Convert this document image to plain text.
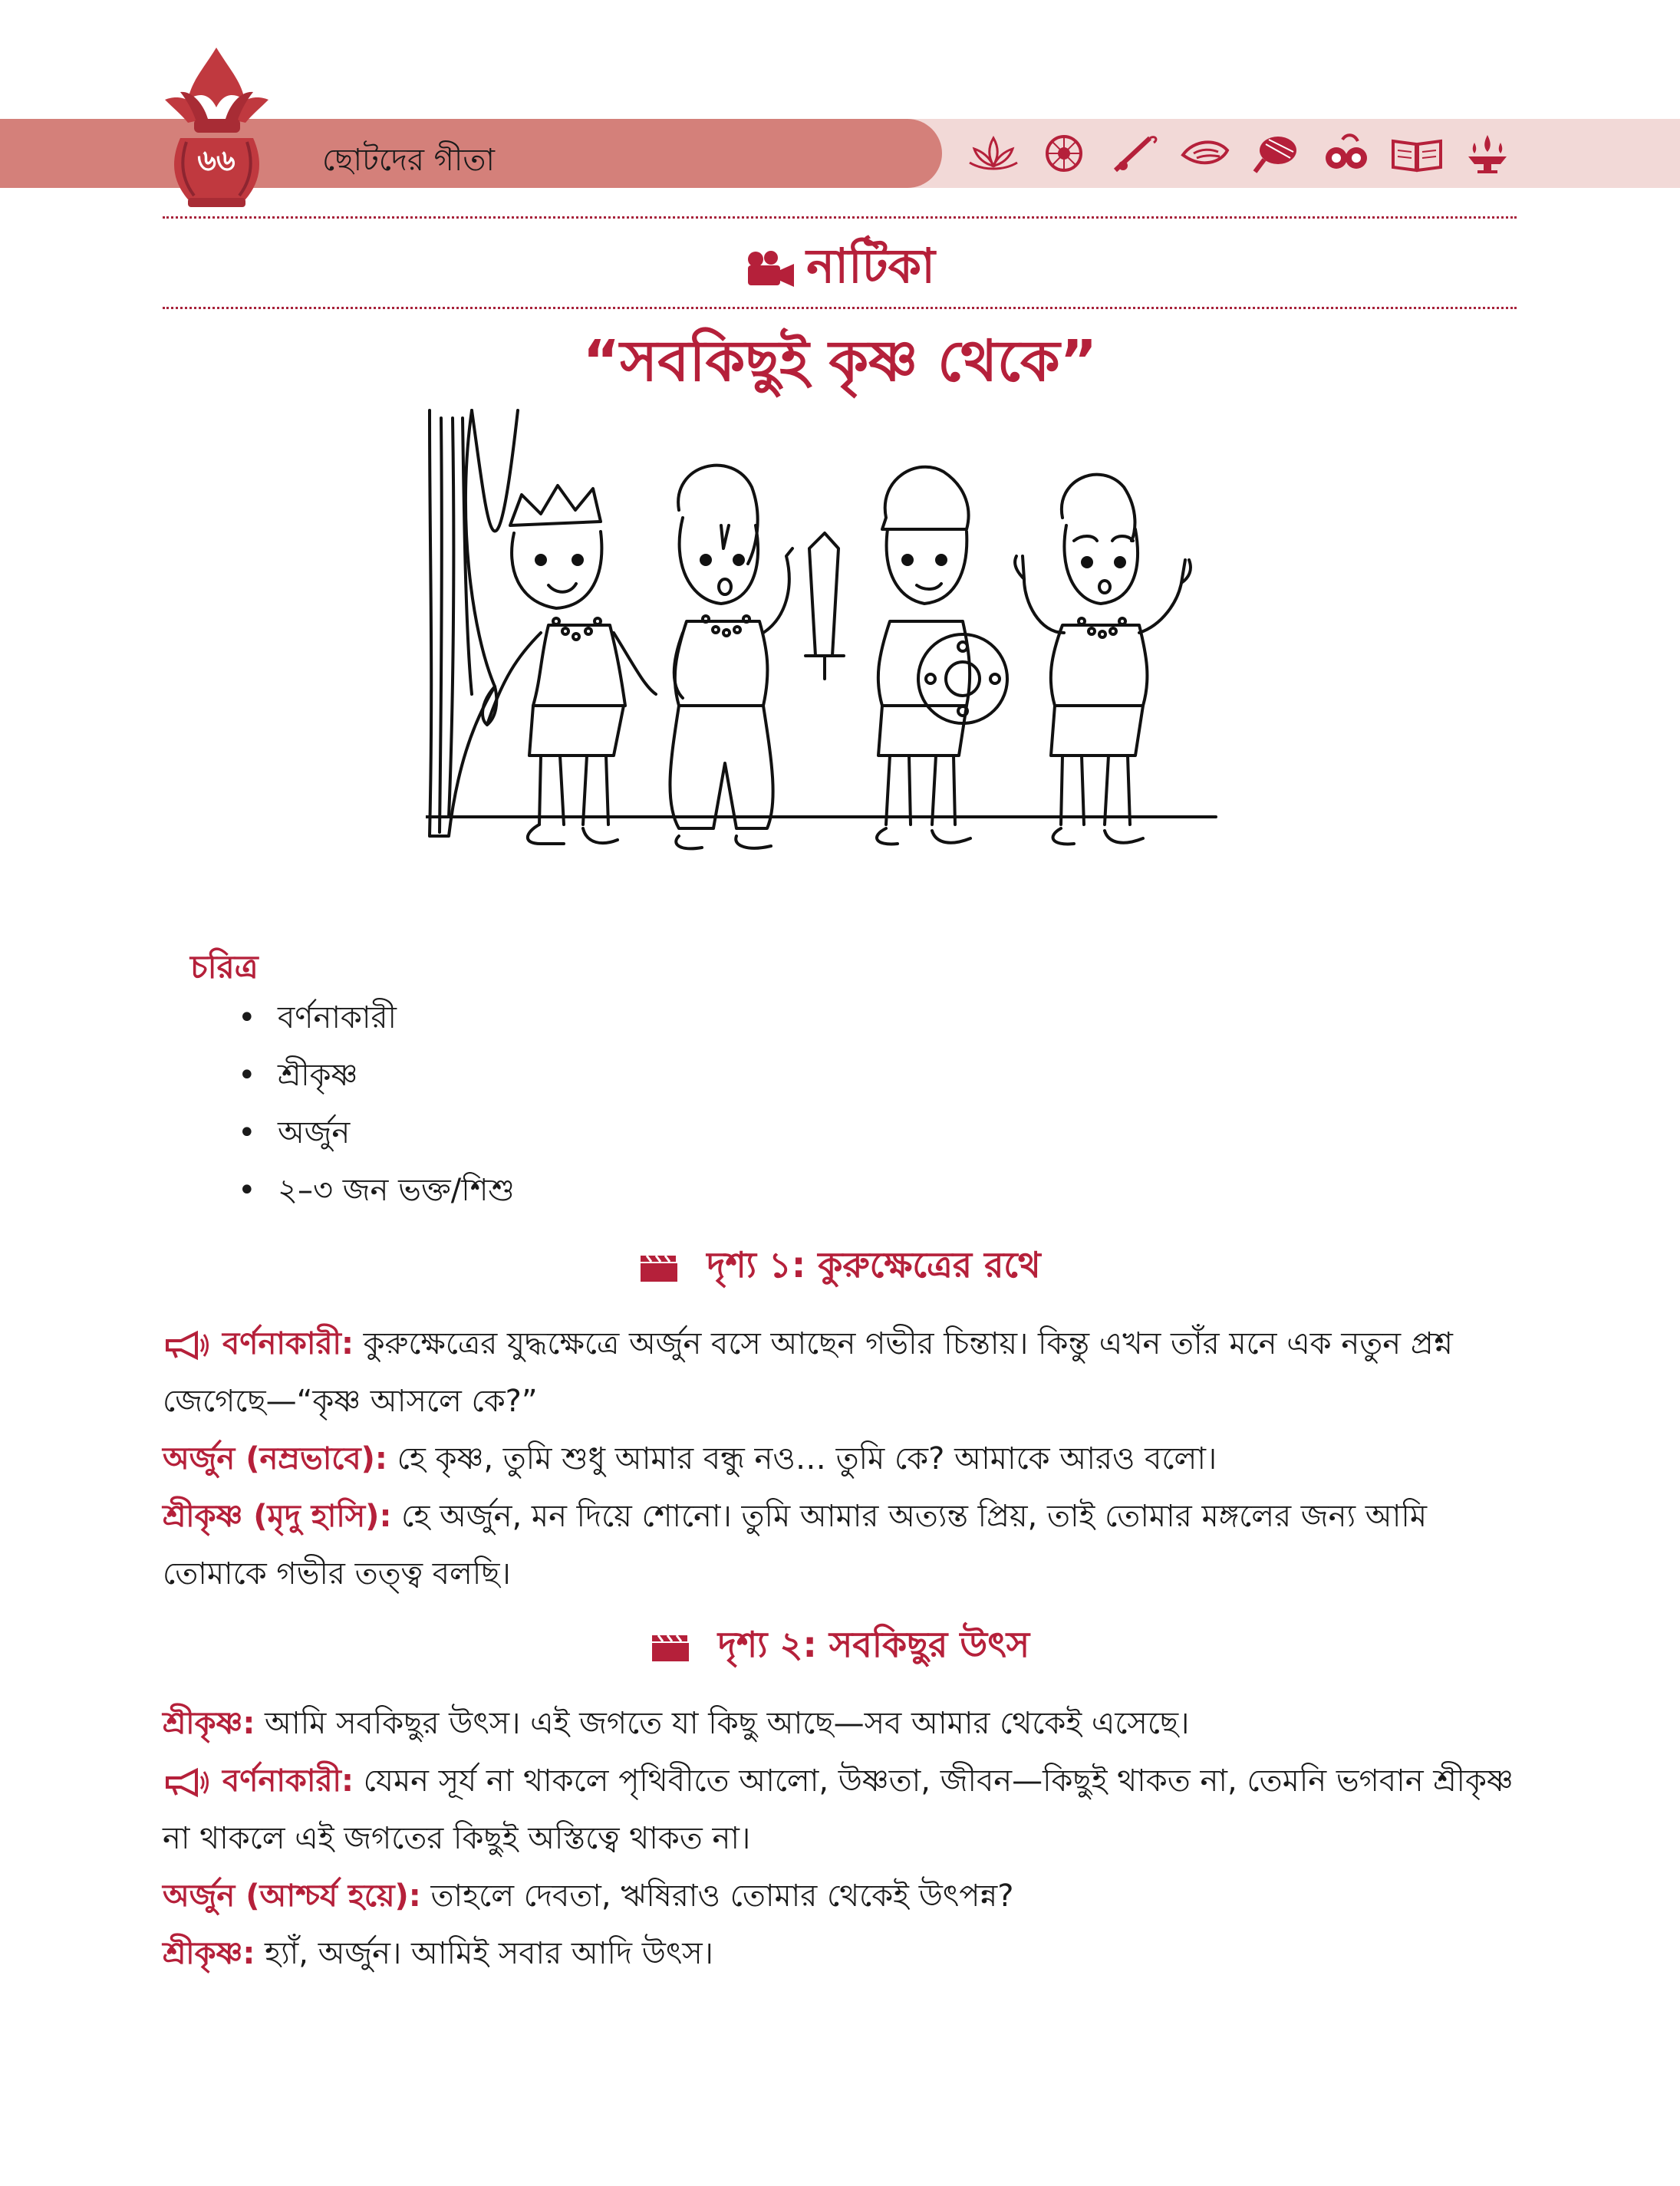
৬৬	ছোটদের গীতা
নাটিকা
“সবকিছুই কৃষ্ণ থেকে”
চরিত্র
• বর্ণনাকারী
• শ্রীকৃষ্ণ
• অর্জুন
• ২–৩ জন ভক্ত/শিশু
দৃশ্য ১: কুরুক্ষেত্রের রথে
বর্ণনাকারী: কুরুক্ষেত্রের যুদ্ধক্ষেত্রে অর্জুন বসে আছেন গভীর চিন্তায়। কিন্তু এখন তাঁর মনে এক নতুন প্রশ্ন জেগেছে—“কৃষ্ণ আসলে কে?”
অর্জুন (নম্রভাবে): হে কৃষ্ণ, তুমি শুধু আমার বন্ধু নও… তুমি কে? আমাকে আরও বলো।
শ্রীকৃষ্ণ (মৃদু হাসি): হে অর্জুন, মন দিয়ে শোনো। তুমি আমার অত্যন্ত প্রিয়, তাই তোমার মঙ্গলের জন্য আমি তোমাকে গভীর তত্ত্ব বলছি।
দৃশ্য ২: সবকিছুর উৎস
শ্রীকৃষ্ণ: আমি সবকিছুর উৎস। এই জগতে যা কিছু আছে—সব আমার থেকেই এসেছে।
বর্ণনাকারী: যেমন সূর্য না থাকলে পৃথিবীতে আলো, উষ্ণতা, জীবন—কিছুই থাকত না, তেমনি ভগবান শ্রীকৃষ্ণ না থাকলে এই জগতের কিছুই অস্তিত্বে থাকত না।
অর্জুন (আশ্চর্য হয়ে): তাহলে দেবতা, ঋষিরাও তোমার থেকেই উৎপন্ন?
শ্রীকৃষ্ণ: হ্যাঁ, অর্জুন। আমিই সবার আদি উৎস।
